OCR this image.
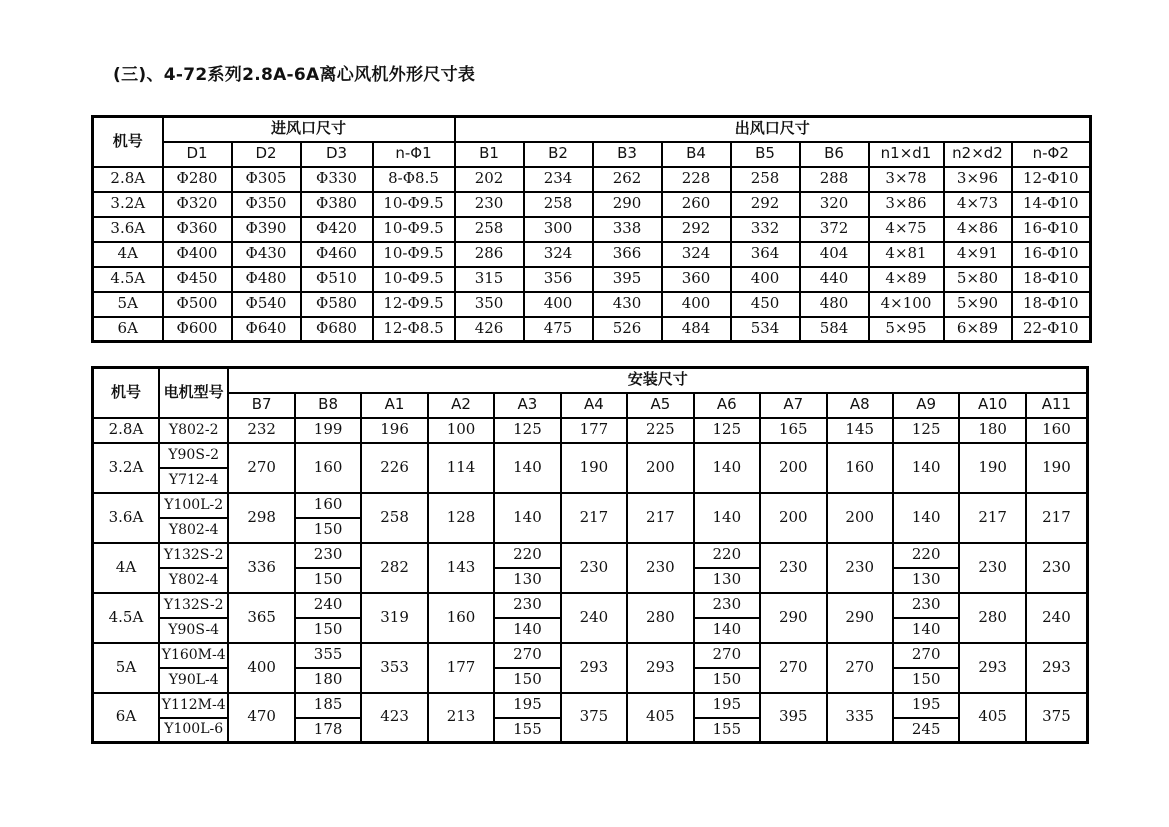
(三)、4-72系列2.8A-6A离心风机外形尺寸表
机号	进风口尺寸				出风口尺寸								
	D1	D2	D3	n-Φ1	B1	B2	B3	B4	B5	B6	n1×d1	n2×d2	n-Φ2
2.8A	Φ280	Φ305	Φ330	8-Φ8.5	202	234	262	228	258	288	3×78	3×96	12-Φ10
3.2A	Φ320	Φ350	Φ380	10-Φ9.5	230	258	290	260	292	320	3×86	4×73	14-Φ10
3.6A	Φ360	Φ390	Φ420	10-Φ9.5	258	300	338	292	332	372	4×75	4×86	16-Φ10
4A	Φ400	Φ430	Φ460	10-Φ9.5	286	324	366	324	364	404	4×81	4×91	16-Φ10
4.5A	Φ450	Φ480	Φ510	10-Φ9.5	315	356	395	360	400	440	4×89	5×80	18-Φ10
5A	Φ500	Φ540	Φ580	12-Φ9.5	350	400	430	400	450	480	4×100	5×90	18-Φ10
6A	Φ600	Φ640	Φ680	12-Φ8.5	426	475	526	484	534	584	5×95	6×89	22-Φ10
机号	电机型号	安装尺寸												
		B7	B8	A1	A2	A3	A4	A5	A6	A7	A8	A9	A10	A11
2.8A	Y802-2	232	199	196	100	125	177	225	125	165	145	125	180	160
3.2A	Y90S-2	270	160	226	114	140	190	200	140	200	160	140	190	190
	Y712-4													
3.6A	Y100L-2	298	160	258	128	140	217	217	140	200	200	140	217	217
	Y802-4		150											
4A	Y132S-2	336	230	282	143	220	230	230	220	230	230	220	230	230
	Y802-4		150			130			130			130		
4.5A	Y132S-2	365	240	319	160	230	240	280	230	290	290	230	280	240
	Y90S-4		150			140			140			140		
5A	Y160M-4	400	355	353	177	270	293	293	270	270	270	270	293	293
	Y90L-4		180			150			150			150		
6A	Y112M-4	470	185	423	213	195	375	405	195	395	335	195	405	375
	Y100L-6		178			155			155			245		
